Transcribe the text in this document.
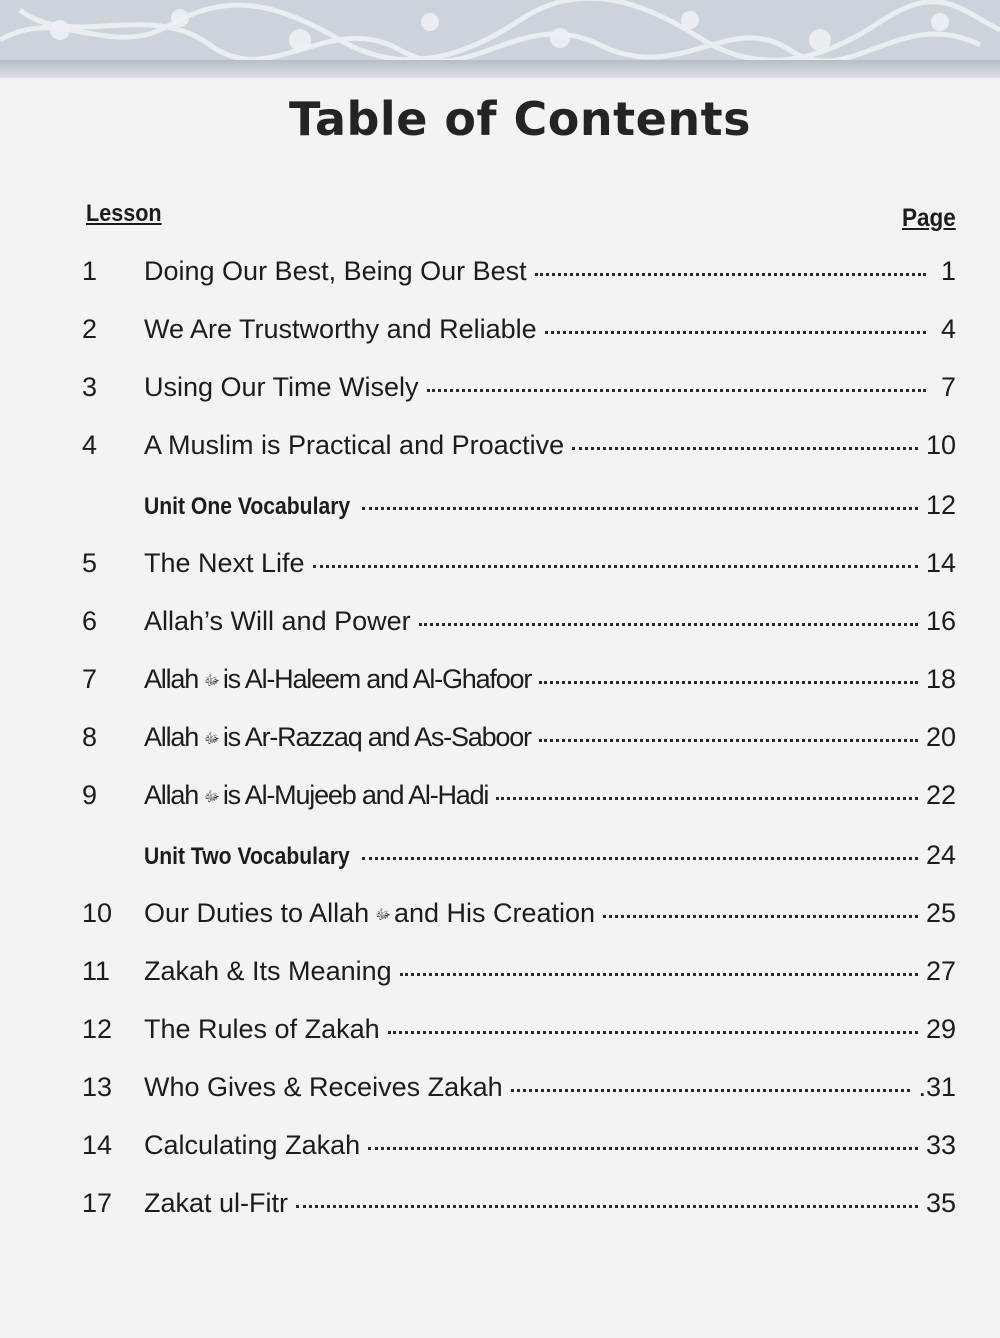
Table of Contents
Lesson	Page
1	Doing Our Best, Being Our Best	1
2	We Are Trustworthy and Reliable	4
3	Using Our Time Wisely	7
4	A Muslim is Practical and Proactive	10
Unit One Vocabulary	12
5	The Next Life	14
6	Allah’s Will and Power	16
7	Allah ﷻ is Al-Haleem and Al-Ghafoor	18
8	Allah ﷻ is Ar-Razzaq and As-Saboor	20
9	Allah ﷻ is Al-Mujeeb and Al-Hadi	22
Unit Two Vocabulary	24
10	Our Duties to Allah ﷻ and His Creation	25
11	Zakah & Its Meaning	27
12	The Rules of Zakah	29
13	Who Gives & Receives Zakah	.31
14	Calculating Zakah	33
17	Zakat ul-Fitr	35
